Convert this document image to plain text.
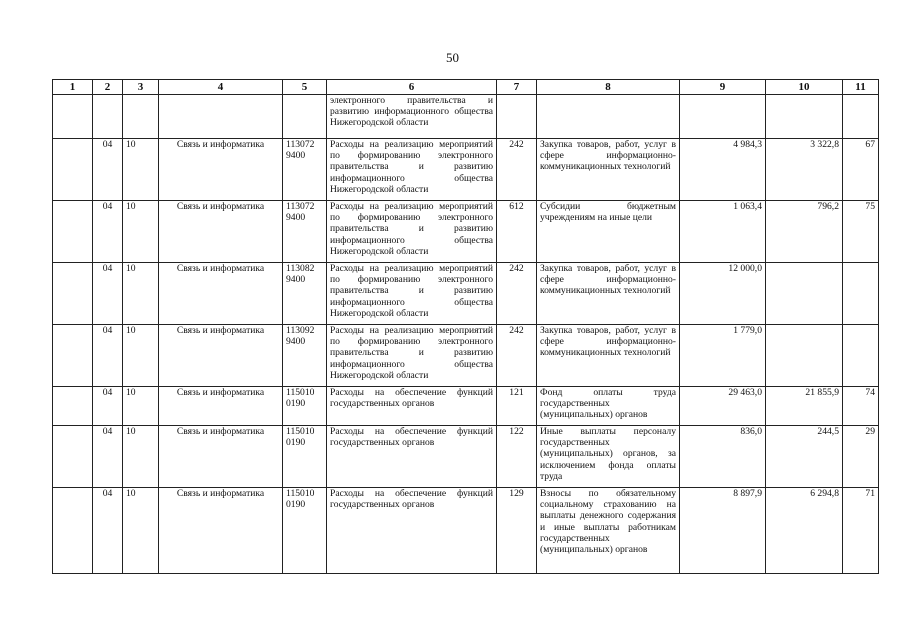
50
1	2	3	4	5	6	7	8	9	10	11
					электронного правительства и развитию информационного общества Нижегородской области					
	04	10	Связь и информатика	113072 9400	Расходы на реализацию мероприятий по формированию электронного правительства и развитию информационного общества Нижегородской области	242	Закупка товаров, работ, услуг в сфере информационно-коммуникационных технологий	4 984,3	3 322,8	67
	04	10	Связь и информатика	113072 9400	Расходы на реализацию мероприятий по формированию электронного правительства и развитию информационного общества Нижегородской области	612	Субсидии бюджетным учреждениям на иные цели	1 063,4	796,2	75
	04	10	Связь и информатика	113082 9400	Расходы на реализацию мероприятий по формированию электронного правительства и развитию информационного общества Нижегородской области	242	Закупка товаров, работ, услуг в сфере информационно-коммуникационных технологий	12 000,0		
	04	10	Связь и информатика	113092 9400	Расходы на реализацию мероприятий по формированию электронного правительства и развитию информационного общества Нижегородской области	242	Закупка товаров, работ, услуг в сфере информационно-коммуникационных технологий	1 779,0		
	04	10	Связь и информатика	115010 0190	Расходы на обеспечение функций государственных органов	121	Фонд оплаты труда государственных (муниципальных) органов	29 463,0	21 855,9	74
	04	10	Связь и информатика	115010 0190	Расходы на обеспечение функций государственных органов	122	Иные выплаты персоналу государственных (муниципальных) органов, за исключением фонда оплаты труда	836,0	244,5	29
	04	10	Связь и информатика	115010 0190	Расходы на обеспечение функций государственных органов	129	Взносы по обязательному социальному страхованию на выплаты денежного содержания и иные выплаты работникам государственных (муниципальных) органов	8 897,9	6 294,8	71
